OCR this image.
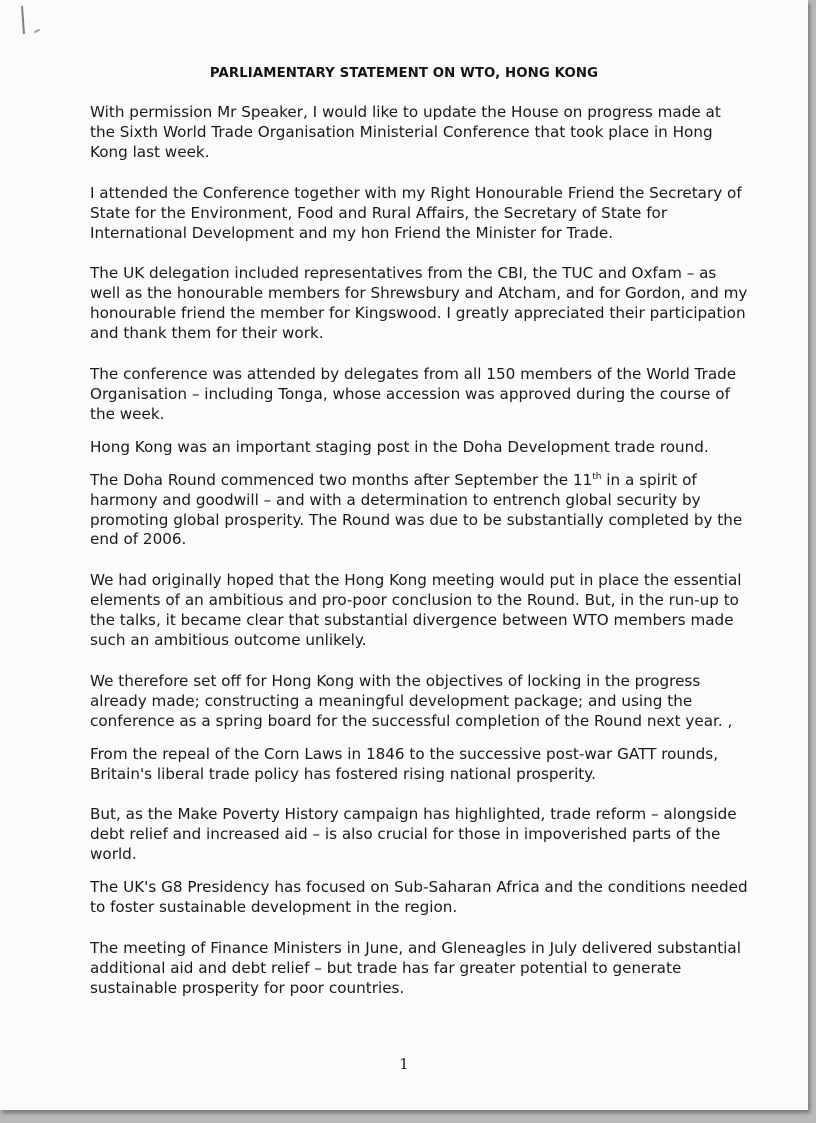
PARLIAMENTARY STATEMENT ON WTO, HONG KONG

With permission Mr Speaker, I would like to update the House on progress made at the Sixth World Trade Organisation Ministerial Conference that took place in Hong Kong last week.

I attended the Conference together with my Right Honourable Friend the Secretary of State for the Environment, Food and Rural Affairs, the Secretary of State for International Development and my hon Friend the Minister for Trade.

The UK delegation included representatives from the CBI, the TUC and Oxfam – as well as the honourable members for Shrewsbury and Atcham, and for Gordon, and my honourable friend the member for Kingswood. I greatly appreciated their participation and thank them for their work.

The conference was attended by delegates from all 150 members of the World Trade Organisation – including Tonga, whose accession was approved during the course of the week.

Hong Kong was an important staging post in the Doha Development trade round.

The Doha Round commenced two months after September the 11th in a spirit of harmony and goodwill – and with a determination to entrench global security by promoting global prosperity. The Round was due to be substantially completed by the end of 2006.

We had originally hoped that the Hong Kong meeting would put in place the essential elements of an ambitious and pro-poor conclusion to the Round. But, in the run-up to the talks, it became clear that substantial divergence between WTO members made such an ambitious outcome unlikely.

We therefore set off for Hong Kong with the objectives of locking in the progress already made; constructing a meaningful development package; and using the conference as a spring board for the successful completion of the Round next year. ,

From the repeal of the Corn Laws in 1846 to the successive post-war GATT rounds, Britain's liberal trade policy has fostered rising national prosperity.

But, as the Make Poverty History campaign has highlighted, trade reform – alongside debt relief and increased aid – is also crucial for those in impoverished parts of the world.

The UK's G8 Presidency has focused on Sub-Saharan Africa and the conditions needed to foster sustainable development in the region.

The meeting of Finance Ministers in June, and Gleneagles in July delivered substantial additional aid and debt relief – but trade has far greater potential to generate sustainable prosperity for poor countries.

1
